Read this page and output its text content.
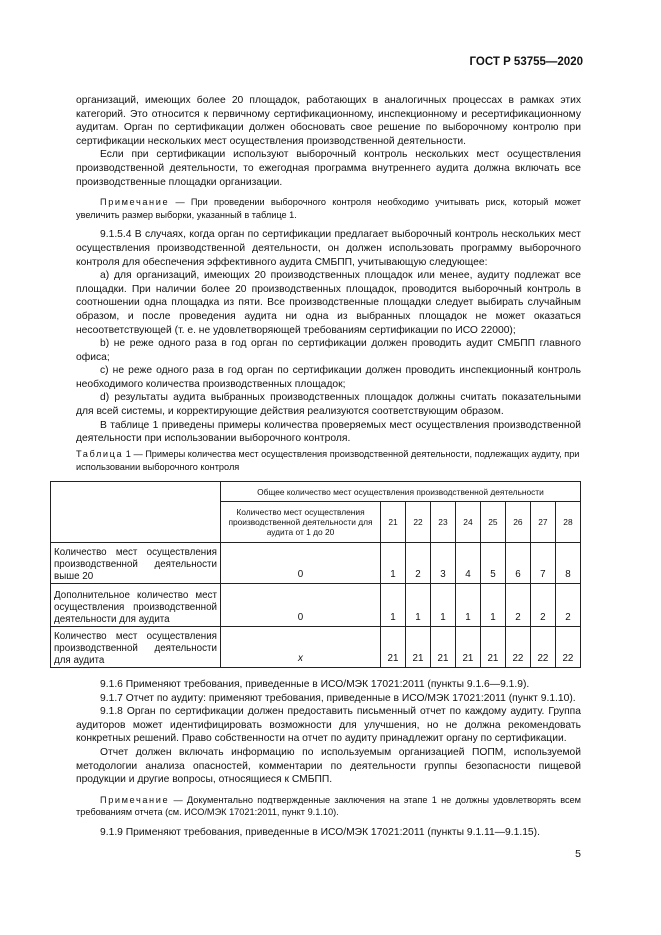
ГОСТ Р 53755—2020

организаций, имеющих более 20 площадок, работающих в аналогичных процессах в рамках этих категорий. Это относится к первичному сертификационному, инспекционному и ресертификационному аудитам. Орган по сертификации должен обосновать свое решение по выборочному контролю при сертификации нескольких мест осуществления производственной деятельности.

Если при сертификации используют выборочный контроль нескольких мест осуществления производственной деятельности, то ежегодная программа внутреннего аудита должна включать все производственные площадки организации.

Примечание — При проведении выборочного контроля необходимо учитывать риск, который может увеличить размер выборки, указанный в таблице 1.

9.1.5.4 В случаях, когда орган по сертификации предлагает выборочный контроль нескольких мест осуществления производственной деятельности, он должен использовать программу выборочного контроля для обеспечения эффективного аудита СМБПП, учитывающую следующее:

a) для организаций, имеющих 20 производственных площадок или менее, аудиту подлежат все площадки. При наличии более 20 производственных площадок, проводится выборочный контроль в соотношении одна площадка из пяти. Все производственные площадки следует выбирать случайным образом, и после проведения аудита ни одна из выбранных площадок не может оказаться несоответствующей (т. е. не удовлетворяющей требованиям сертификации по ИСО 22000);

b) не реже одного раза в год орган по сертификации должен проводить аудит СМБПП главного офиса;

c) не реже одного раза в год орган по сертификации должен проводить инспекционный контроль необходимого количества производственных площадок;

d) результаты аудита выбранных производственных площадок должны считать показательными для всей системы, и корректирующие действия реализуются соответствующим образом.

В таблице 1 приведены примеры количества проверяемых мест осуществления производственной деятельности при использовании выборочного контроля.

Таблица 1 — Примеры количества мест осуществления производственной деятельности, подлежащих аудиту, при использовании выборочного контроля
	Общее количество мест осуществления производственной деятельности								
	Количество мест осуществления производственной деятельности для аудита от 1 до 20	21	22	23	24	25	26	27	28
Количество мест осуществления производственной деятельности выше 20	0	1	2	3	4	5	6	7	8
Дополнительное количество мест осуществления производственной деятельности для аудита	0	1	1	1	1	1	2	2	2
Количество мест осуществления производственной деятельности для аудита	x	21	21	21	21	21	22	22	22

9.1.6 Применяют требования, приведенные в ИСО/МЭК 17021:2011 (пункты 9.1.6—9.1.9).

9.1.7 Отчет по аудиту: применяют требования, приведенные в ИСО/МЭК 17021:2011 (пункт 9.1.10).

9.1.8 Орган по сертификации должен предоставить письменный отчет по каждому аудиту. Группа аудиторов может идентифицировать возможности для улучшения, но не должна рекомендовать конкретных решений. Право собственности на отчет по аудиту принадлежит органу по сертификации.

Отчет должен включать информацию по используемым организацией ПОПМ, используемой методологии анализа опасностей, комментарии по деятельности группы безопасности пищевой продукции и другие вопросы, относящиеся к СМБПП.

Примечание — Документально подтвержденные заключения на этапе 1 не должны удовлетворять всем требованиям отчета (см. ИСО/МЭК 17021:2011, пункт 9.1.10).

9.1.9 Применяют требования, приведенные в ИСО/МЭК 17021:2011 (пункты 9.1.11—9.1.15).

5
